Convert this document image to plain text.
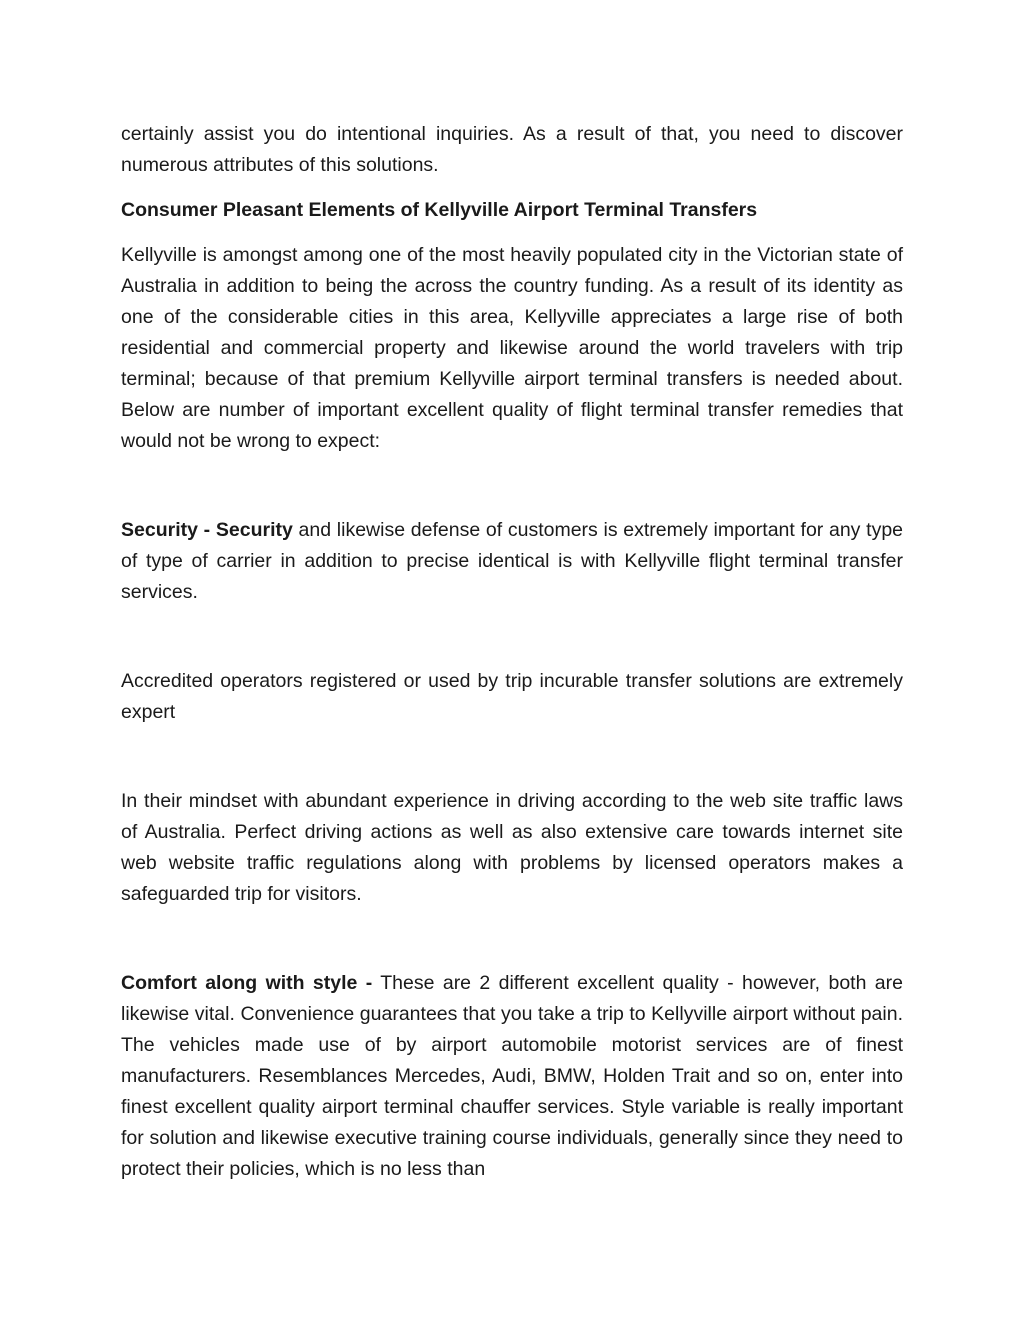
certainly assist you do intentional inquiries. As a result of that, you need to discover numerous attributes of this solutions.

Consumer Pleasant Elements of Kellyville Airport Terminal Transfers

Kellyville is amongst among one of the most heavily populated city in the Victorian state of Australia in addition to being the across the country funding. As a result of its identity as one of the considerable cities in this area, Kellyville appreciates a large rise of both residential and commercial property and likewise around the world travelers with trip terminal; because of that premium Kellyville airport terminal transfers is needed about. Below are number of important excellent quality of flight terminal transfer remedies that would not be wrong to expect:

Security - Security and likewise defense of customers is extremely important for any type of type of carrier in addition to precise identical is with Kellyville flight terminal transfer services.

Accredited operators registered or used by trip incurable transfer solutions are extremely expert

In their mindset with abundant experience in driving according to the web site traffic laws of Australia. Perfect driving actions as well as also extensive care towards internet site web website traffic regulations along with problems by licensed operators makes a safeguarded trip for visitors.

Comfort along with style - These are 2 different excellent quality - however, both are likewise vital. Convenience guarantees that you take a trip to Kellyville airport without pain. The vehicles made use of by airport automobile motorist services are of finest manufacturers. Resemblances Mercedes, Audi, BMW, Holden Trait and so on, enter into finest excellent quality airport terminal chauffer services. Style variable is really important for solution and likewise executive training course individuals, generally since they need to protect their policies, which is no less than
